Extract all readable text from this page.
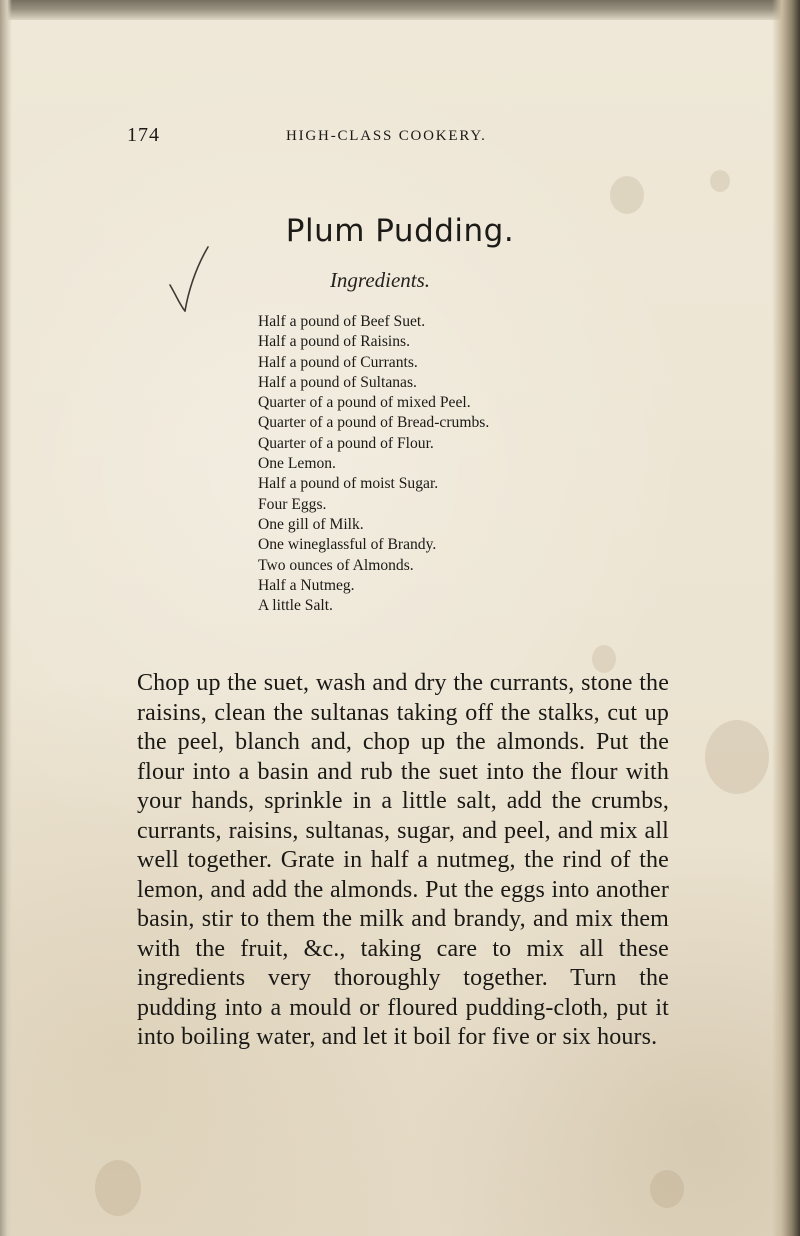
174	HIGH-CLASS COOKERY.
Plum Pudding.
Ingredients.
Half a pound of Beef Suet.
Half a pound of Raisins.
Half a pound of Currants.
Half a pound of Sultanas.
Quarter of a pound of mixed Peel.
Quarter of a pound of Bread-crumbs.
Quarter of a pound of Flour.
One Lemon.
Half a pound of moist Sugar.
Four Eggs.
One gill of Milk.
One wineglassful of Brandy.
Two ounces of Almonds.
Half a Nutmeg.
A little Salt.

Chop up the suet, wash and dry the currants, stone the raisins, clean the sultanas taking off the stalks, cut up the peel, blanch and, chop up the almonds. Put the flour into a basin and rub the suet into the flour with your hands, sprinkle in a little salt, add the crumbs, currants, raisins, sultanas, sugar, and peel, and mix all well together. Grate in half a nutmeg, the rind of the lemon, and add the almonds. Put the eggs into another basin, stir to them the milk and brandy, and mix them with the fruit, &c., taking care to mix all these ingredients very thoroughly together. Turn the pudding into a mould or floured pudding-cloth, put it into boiling water, and let it boil for five or six hours.
